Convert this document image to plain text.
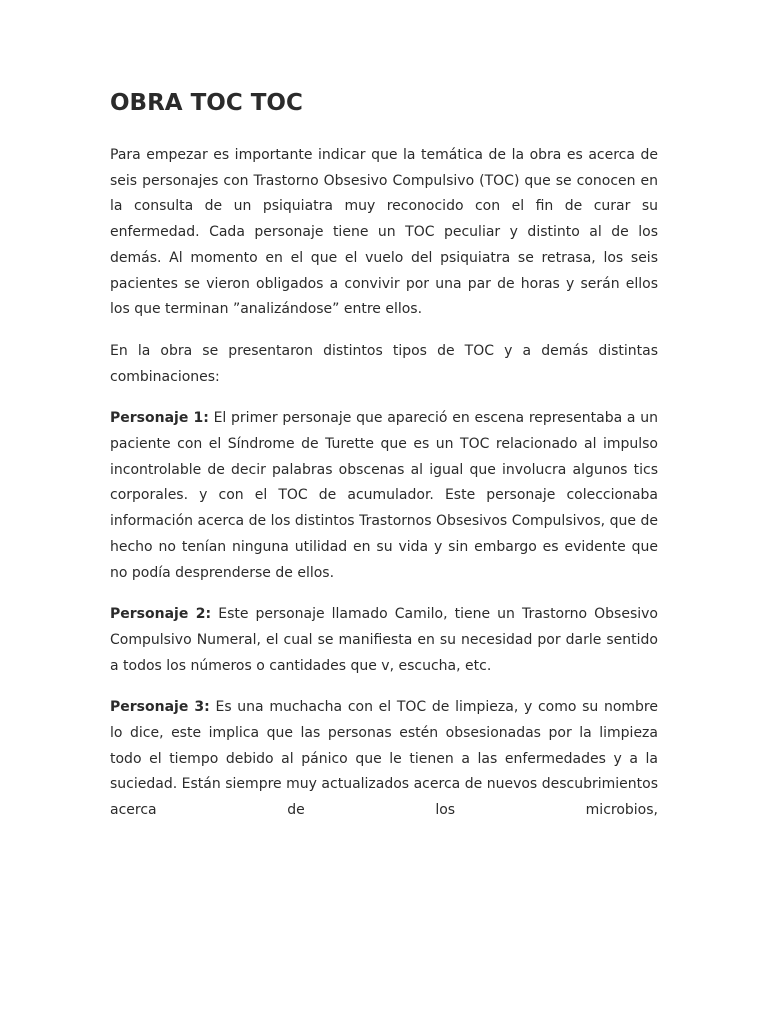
OBRA TOC TOC

Para empezar es importante indicar que la temática de la obra es acerca de seis personajes con Trastorno Obsesivo Compulsivo (TOC) que se conocen en la consulta de un psiquiatra muy reconocido con el fin de curar su enfermedad. Cada personaje tiene un TOC peculiar y distinto al de los demás. Al momento en el que el vuelo del psiquiatra se retrasa, los seis pacientes se vieron obligados a convivir por una par de horas y serán ellos los que terminan ”analizándose” entre ellos.

En la obra se presentaron distintos tipos de TOC y a demás distintas combinaciones:

Personaje 1: El primer personaje que apareció en escena representaba a un paciente con el Síndrome de Turette que es un TOC relacionado al impulso incontrolable de decir palabras obscenas al igual que involucra algunos tics corporales. y con el TOC de acumulador. Este personaje coleccionaba información acerca de los distintos Trastornos Obsesivos Compulsivos, que de hecho no tenían ninguna utilidad en su vida y sin embargo es evidente que no podía desprenderse de ellos.

Personaje 2: Este personaje llamado Camilo, tiene un Trastorno Obsesivo Compulsivo Numeral, el cual se manifiesta en su necesidad por darle sentido a todos los números o cantidades que v, escucha, etc.

Personaje 3: Es una muchacha con el TOC de limpieza, y como su nombre lo dice, este implica que las personas estén obsesionadas por la limpieza todo el tiempo debido al pánico que le tienen a las enfermedades y a la suciedad. Están siempre muy actualizados acerca de nuevos descubrimientos acerca de los microbios,
